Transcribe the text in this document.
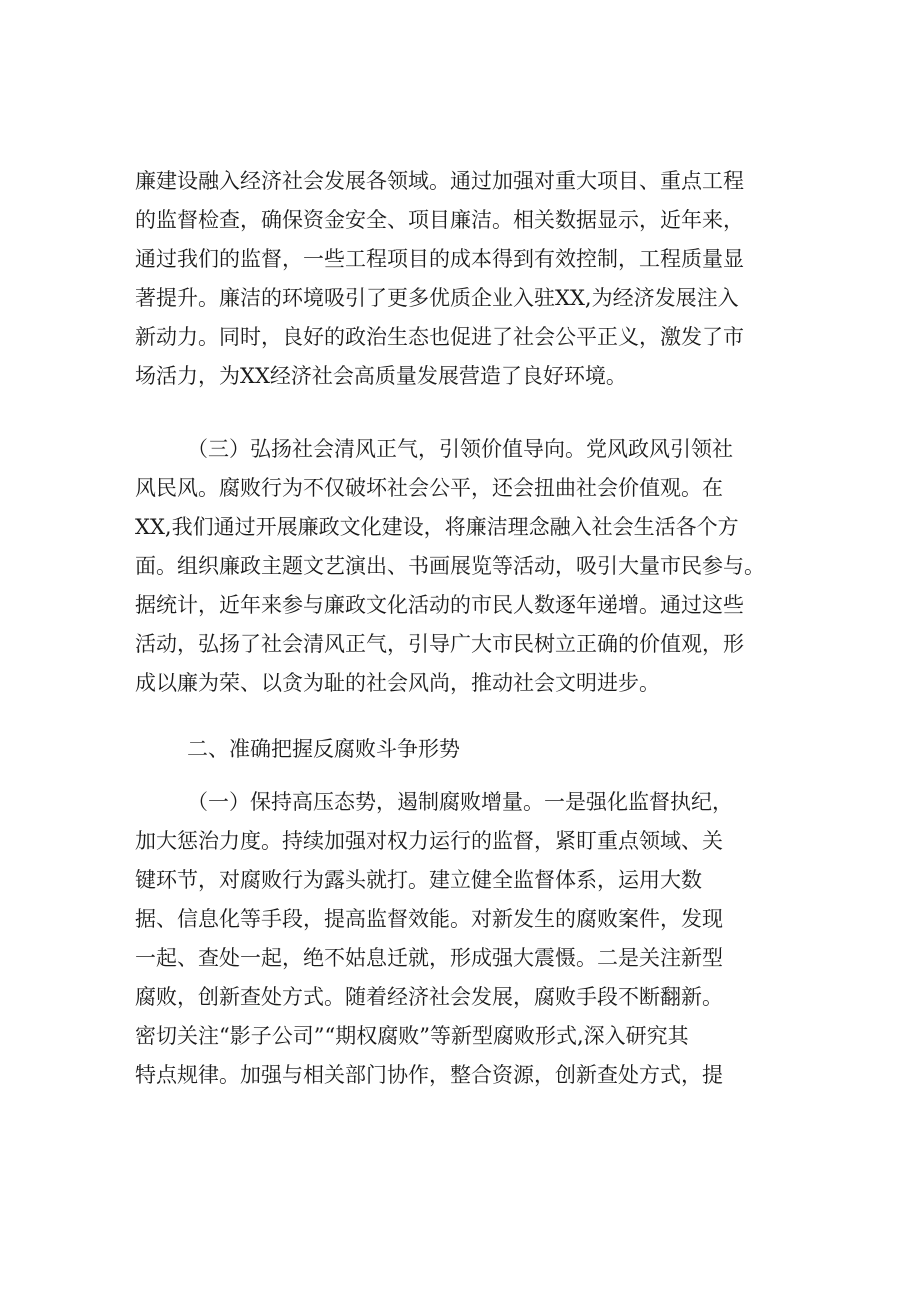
廉建设融入经济社会发展各领域。通过加强对重大项目、重点工程
的监督检查，确保资金安全、项目廉洁。相关数据显示，近年来，
通过我们的监督，一些工程项目的成本得到有效控制，工程质量显
著提升。廉洁的环境吸引了更多优质企业入驻XX,为经济发展注入
新动力。同时，良好的政治生态也促进了社会公平正义，激发了市
场活力，为XX经济社会高质量发展营造了良好环境。
（三）弘扬社会清风正气，引领价值导向。党风政风引领社
风民风。腐败行为不仅破坏社会公平，还会扭曲社会价值观。在
XX,我们通过开展廉政文化建设，将廉洁理念融入社会生活各个方
面。组织廉政主题文艺演出、书画展览等活动，吸引大量市民参与。
据统计，近年来参与廉政文化活动的市民人数逐年递增。通过这些
活动，弘扬了社会清风正气，引导广大市民树立正确的价值观，形
成以廉为荣、以贪为耻的社会风尚，推动社会文明进步。
二、准确把握反腐败斗争形势
（一）保持高压态势，遏制腐败增量。一是强化监督执纪，
加大惩治力度。持续加强对权力运行的监督，紧盯重点领域、关
键环节，对腐败行为露头就打。建立健全监督体系，运用大数
据、信息化等手段，提高监督效能。对新发生的腐败案件，发现
一起、查处一起，绝不姑息迁就，形成强大震慑。二是关注新型
腐败，创新查处方式。随着经济社会发展，腐败手段不断翻新。
密切关注“影子公司”“期权腐败”等新型腐败形式,深入研究其
特点规律。加强与相关部门协作，整合资源，创新查处方式，提
